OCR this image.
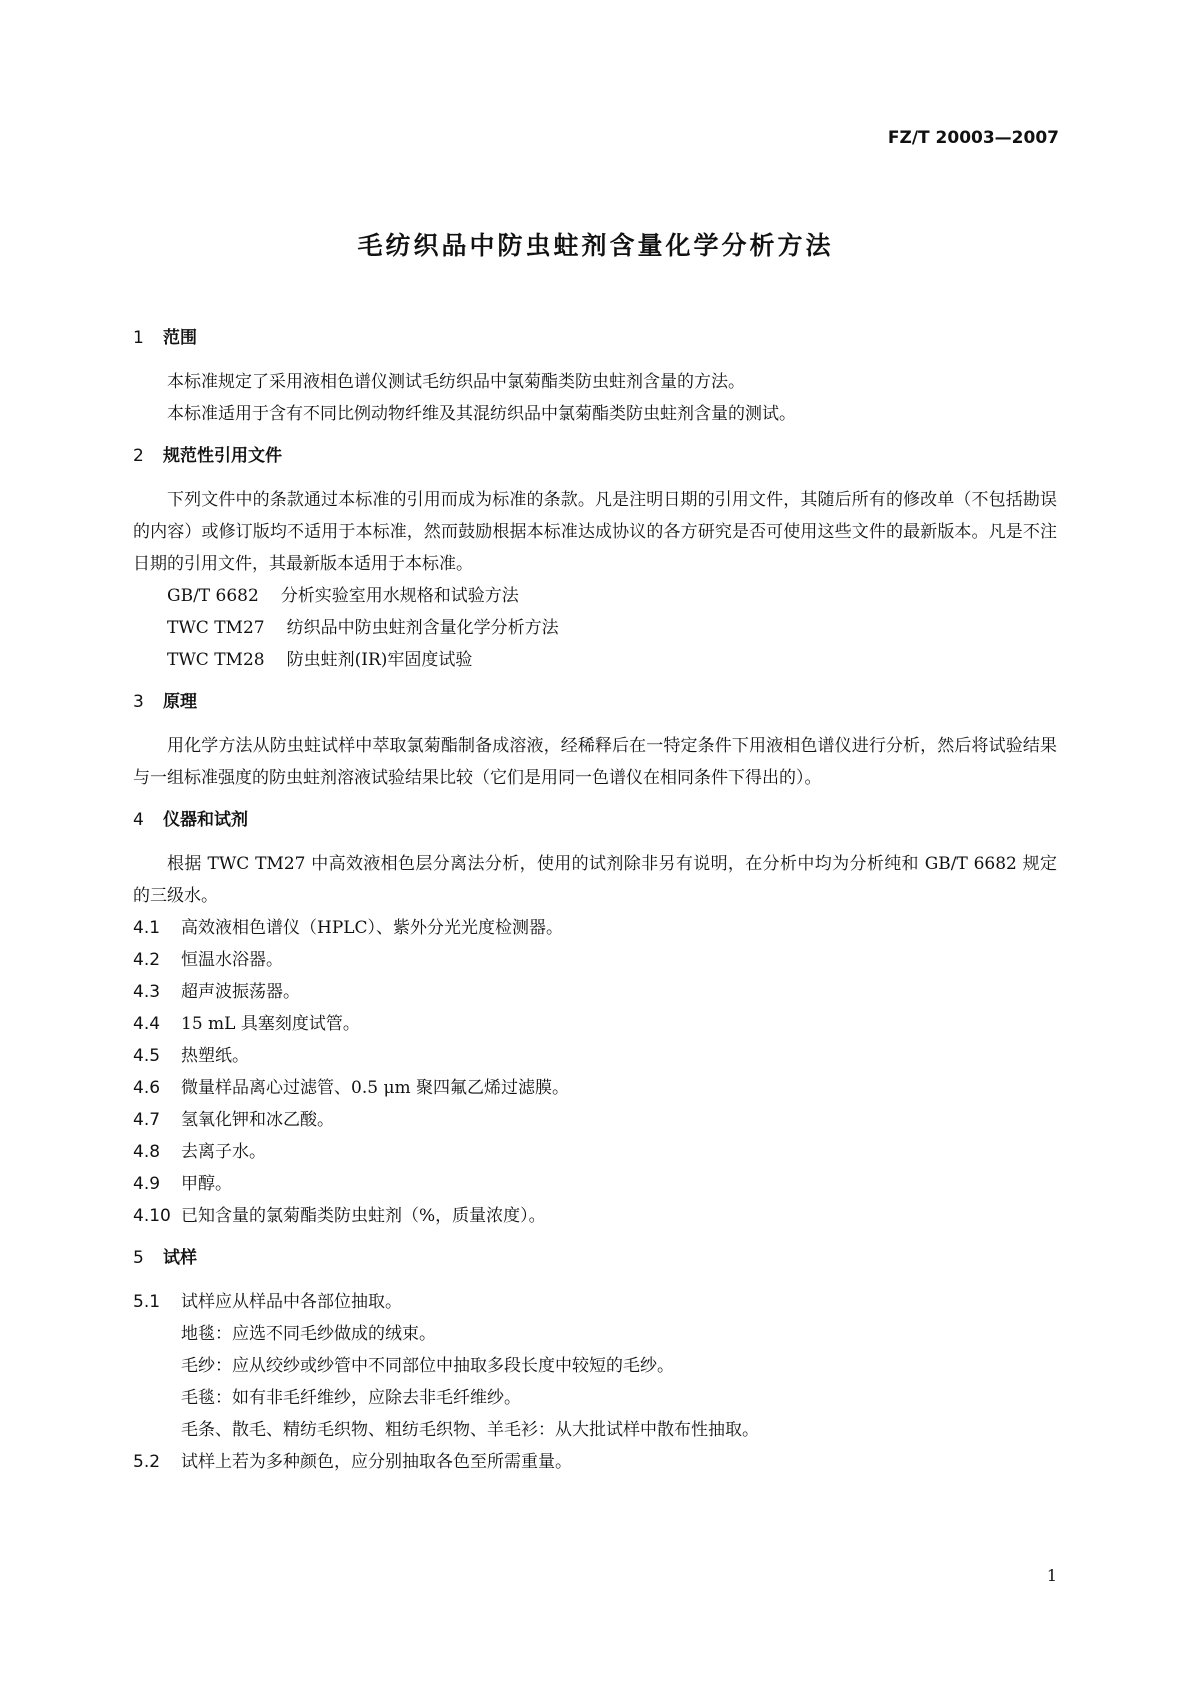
FZ/T 20003—2007
毛纺织品中防虫蛀剂含量化学分析方法
1 范围

本标准规定了采用液相色谱仪测试毛纺织品中氯菊酯类防虫蛀剂含量的方法。

本标准适用于含有不同比例动物纤维及其混纺织品中氯菊酯类防虫蛀剂含量的测试。

2 规范性引用文件

下列文件中的条款通过本标准的引用而成为标准的条款。凡是注明日期的引用文件，其随后所有的修改单（不包括勘误的内容）或修订版均不适用于本标准，然而鼓励根据本标准达成协议的各方研究是否可使用这些文件的最新版本。凡是不注日期的引用文件，其最新版本适用于本标准。

GB/T 6682 分析实验室用水规格和试验方法

TWC TM27 纺织品中防虫蛀剂含量化学分析方法

TWC TM28 防虫蛀剂(IR)牢固度试验

3 原理

用化学方法从防虫蛀试样中萃取氯菊酯制备成溶液，经稀释后在一特定条件下用液相色谱仪进行分析，然后将试验结果与一组标准强度的防虫蛀剂溶液试验结果比较（它们是用同一色谱仪在相同条件下得出的）。

4 仪器和试剂

根据 TWC TM27 中高效液相色层分离法分析，使用的试剂除非另有说明，在分析中均为分析纯和 GB/T 6682 规定的三级水。

4.1 高效液相色谱仪（HPLC）、紫外分光光度检测器。

4.2 恒温水浴器。

4.3 超声波振荡器。

4.4 15 mL 具塞刻度试管。

4.5 热塑纸。

4.6 微量样品离心过滤管、0.5 μm 聚四氟乙烯过滤膜。

4.7 氢氧化钾和冰乙酸。

4.8 去离子水。

4.9 甲醇。

4.10 已知含量的氯菊酯类防虫蛀剂（%，质量浓度）。

5 试样

5.1 试样应从样品中各部位抽取。

地毯：应选不同毛纱做成的绒束。

毛纱：应从绞纱或纱管中不同部位中抽取多段长度中较短的毛纱。

毛毯：如有非毛纤维纱，应除去非毛纤维纱。

毛条、散毛、精纺毛织物、粗纺毛织物、羊毛衫：从大批试样中散布性抽取。

5.2 试样上若为多种颜色，应分别抽取各色至所需重量。

1
